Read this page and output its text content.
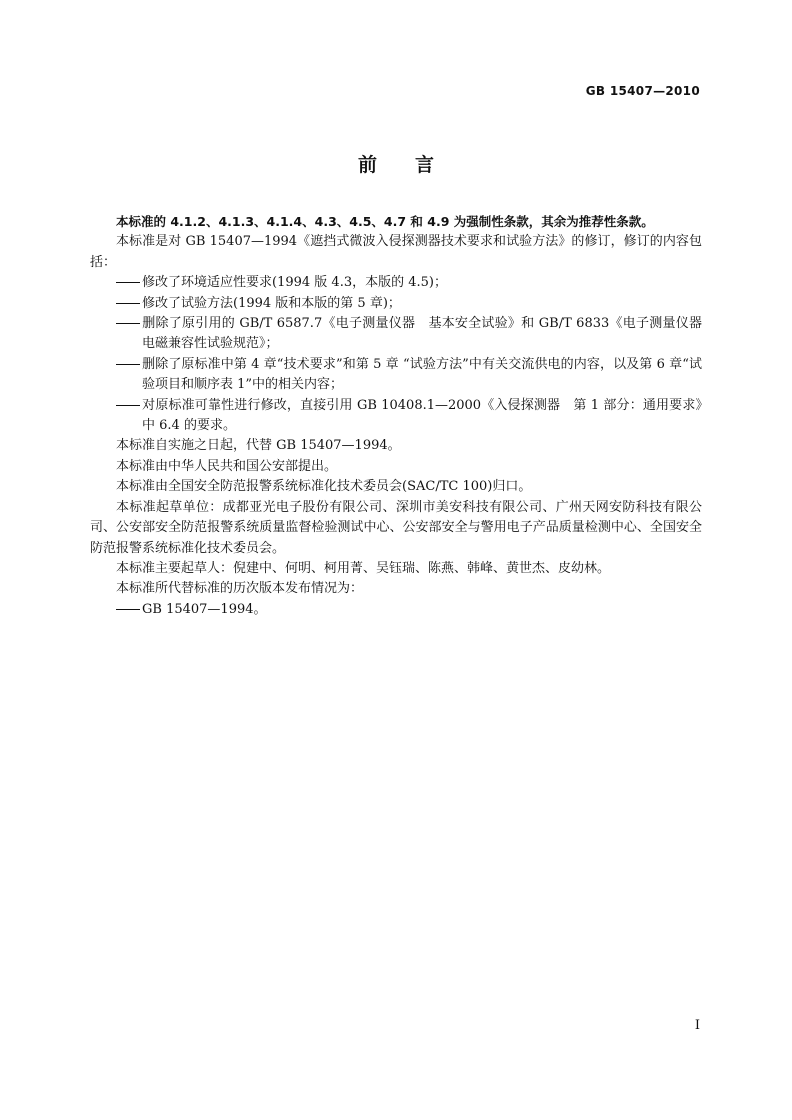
GB 15407—2010
前言

本标准的 4.1.2、4.1.3、4.1.4、4.3、4.5、4.7 和 4.9 为强制性条款，其余为推荐性条款。

本标准是对 GB 15407—1994《遮挡式微波入侵探测器技术要求和试验方法》的修订，修订的内容包括：

修改了环境适应性要求(1994 版 4.3，本版的 4.5)；

修改了试验方法(1994 版和本版的第 5 章)；

删除了原引用的 GB/T 6587.7《电子测量仪器　基本安全试验》和 GB/T 6833《电子测量仪器电磁兼容性试验规范》；

删除了原标准中第 4 章“技术要求”和第 5 章 “试验方法”中有关交流供电的内容，以及第 6 章“试验项目和顺序表 1”中的相关内容；

对原标准可靠性进行修改，直接引用 GB 10408.1—2000《入侵探测器　第 1 部分：通用要求》中 6.4 的要求。

本标准自实施之日起，代替 GB 15407—1994。

本标准由中华人民共和国公安部提出。

本标准由全国安全防范报警系统标准化技术委员会(SAC/TC 100)归口。

本标准起草单位：成都亚光电子股份有限公司、深圳市美安科技有限公司、广州天网安防科技有限公司、公安部安全防范报警系统质量监督检验测试中心、公安部安全与警用电子产品质量检测中心、全国安全防范报警系统标准化技术委员会。

本标准主要起草人：倪建中、何明、柯用菁、吴钰瑞、陈燕、韩峰、黄世杰、皮幼林。

本标准所代替标准的历次版本发布情况为：

GB 15407—1994。

I
